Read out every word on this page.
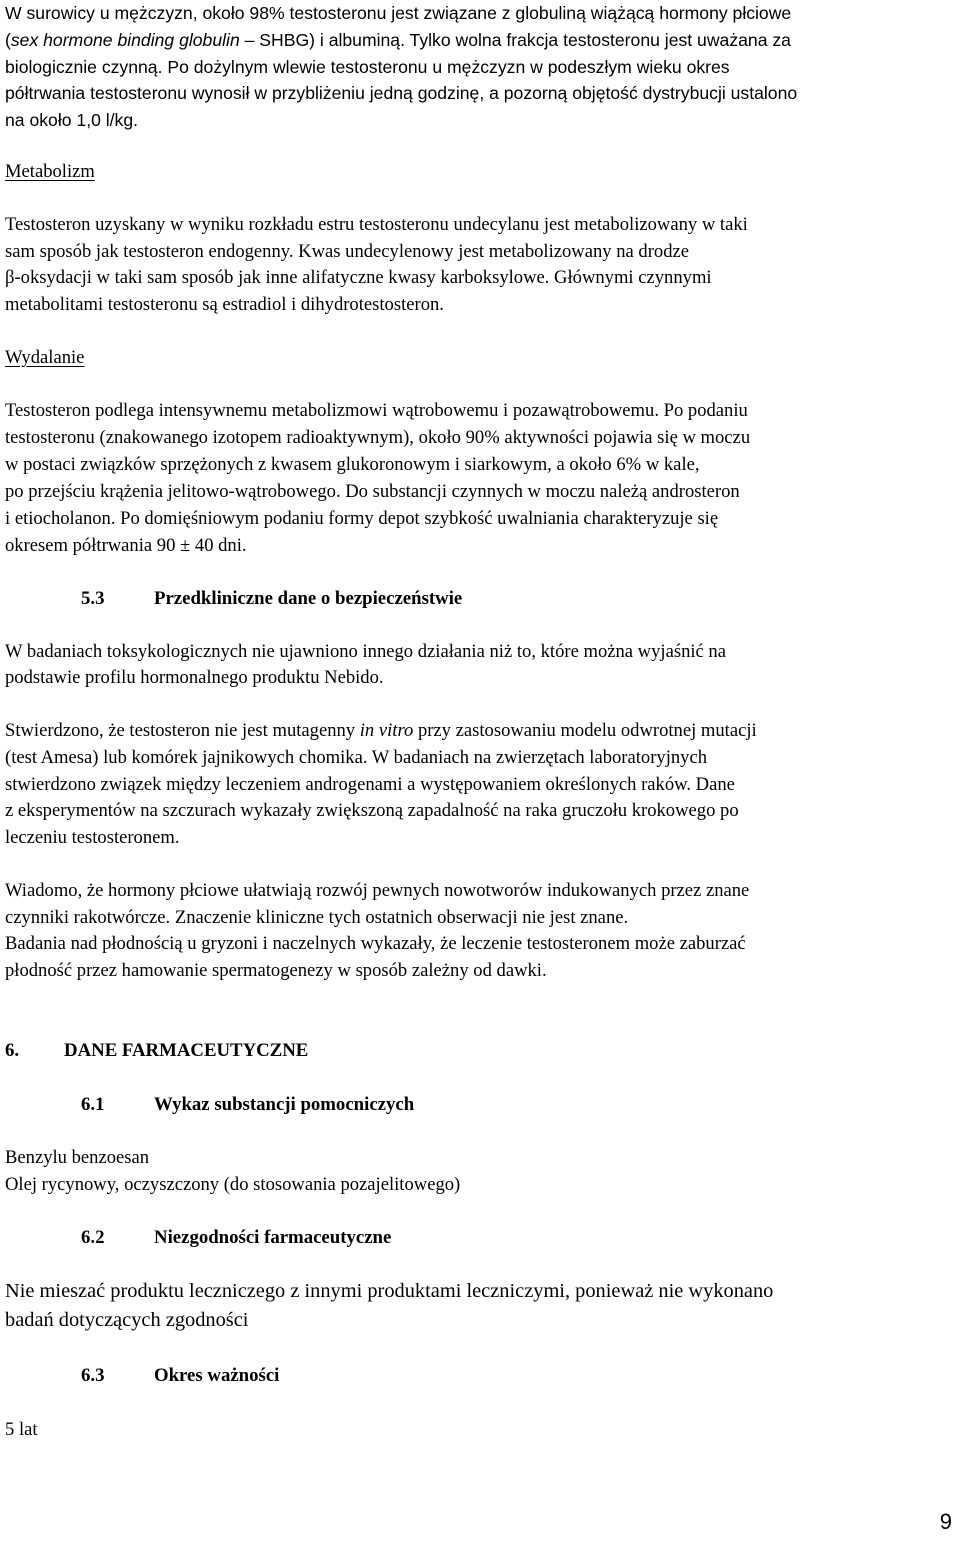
W surowicy u mężczyzn, około 98% testosteronu jest związane z globuliną wiążącą hormony płciowe

(sex hormone binding globulin – SHBG) i albuminą. Tylko wolna frakcja testosteronu jest uważana za

biologicznie czynną. Po dożylnym wlewie testosteronu u mężczyzn w podeszłym wieku okres

półtrwania testosteronu wynosił w przybliżeniu jedną godzinę, a pozorną objętość dystrybucji ustalono

na około 1,0 l/kg.

Metabolizm

Testosteron uzyskany w wyniku rozkładu estru testosteronu undecylanu jest metabolizowany w taki

sam sposób jak testosteron endogenny. Kwas undecylenowy jest metabolizowany na drodze

β-oksydacji w taki sam sposób jak inne alifatyczne kwasy karboksylowe. Głównymi czynnymi

metabolitami testosteronu są estradiol i dihydrotestosteron.

Wydalanie

Testosteron podlega intensywnemu metabolizmowi wątrobowemu i pozawątrobowemu. Po podaniu

testosteronu (znakowanego izotopem radioaktywnym), około 90% aktywności pojawia się w moczu

w postaci związków sprzężonych z kwasem glukoronowym i siarkowym, a około 6% w kale,

po przejściu krążenia jelitowo-wątrobowego. Do substancji czynnych w moczu należą androsteron

i etiocholanon. Po domięśniowym podaniu formy depot szybkość uwalniania charakteryzuje się

okresem półtrwania 90 ± 40 dni.

5.3	Przedkliniczne dane o bezpieczeństwie

W badaniach toksykologicznych nie ujawniono innego działania niż to, które można wyjaśnić na

podstawie profilu hormonalnego produktu Nebido.

Stwierdzono, że testosteron nie jest mutagenny in vitro przy zastosowaniu modelu odwrotnej mutacji

(test Amesa) lub komórek jajnikowych chomika. W badaniach na zwierzętach laboratoryjnych

stwierdzono związek między leczeniem androgenami a występowaniem określonych raków. Dane

z eksperymentów na szczurach wykazały zwiększoną zapadalność na raka gruczołu krokowego po

leczeniu testosteronem.

Wiadomo, że hormony płciowe ułatwiają rozwój pewnych nowotworów indukowanych przez znane

czynniki rakotwórcze. Znaczenie kliniczne tych ostatnich obserwacji nie jest znane.

Badania nad płodnością u gryzoni i naczelnych wykazały, że leczenie testosteronem może zaburzać

płodność przez hamowanie spermatogenezy w sposób zależny od dawki.

6. DANE FARMACEUTYCZNE
6.1	Wykaz substancji pomocniczych

Benzylu benzoesan

Olej rycynowy, oczyszczony (do stosowania pozajelitowego)

6.2	Niezgodności farmaceutyczne

Nie mieszać produktu leczniczego z innymi produktami leczniczymi, ponieważ nie wykonano

badań dotyczących zgodności

6.3	Okres ważności

5 lat

9
